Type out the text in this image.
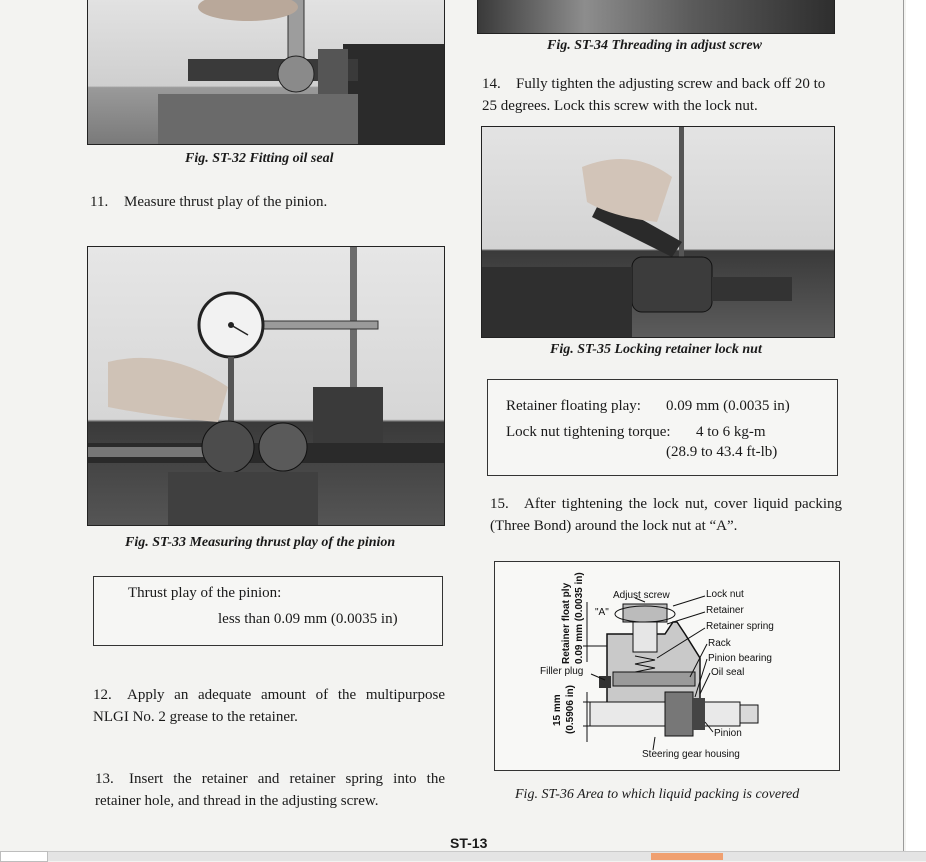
Fig. ST-32 Fitting oil seal
11. Measure thrust play of the pinion.
Fig. ST-33 Measuring thrust play of the pinion
Thrust play of the pinion:
less than 0.09 mm (0.0035 in)
12. Apply an adequate amount of the multipurpose NLGI No. 2 grease to the retainer.
13. Insert the retainer and retainer spring into the retainer hole, and thread in the adjusting screw.
Fig. ST-34 Threading in adjust screw
14. Fully tighten the adjusting screw and back off 20 to 25 degrees. Lock this screw with the lock nut.
Fig. ST-35 Locking retainer lock nut
Retainer floating play: 0.09 mm (0.0035 in)
Lock nut tightening torque: 4 to 6 kg-m
(28.9 to 43.4 ft-lb)
15. After tightening the lock nut, cover liquid packing (Three Bond) around the lock nut at “A”.
Adjust screw
"A"
Lock nut
Retainer
Retainer spring
Rack
Pinion bearing
Oil seal
Filler plug
Pinion
Steering gear housing
Retainer float ply 0.09 mm (0.0035 in)
15 mm (0.5906 in)
Fig. ST-36 Area to which liquid packing is covered
ST-13
